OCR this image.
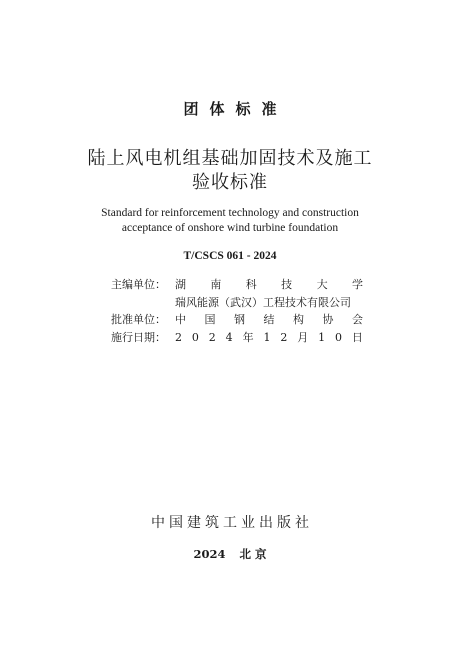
团体标准
陆上风电机组基础加固技术及施工
验收标准
Standard for reinforcement technology and construction
acceptance of onshore wind turbine foundation
T/CSCS 061 - 2024
主编单位： 湖 南 科 技 大 学
瑞风能源（武汉）工程技术有限公司
批准单位： 中 国 钢 结 构 协 会
施行日期： 2 0 2 4 年 1 2 月 1 0 日
中国建筑工业出版社
2024 北 京
